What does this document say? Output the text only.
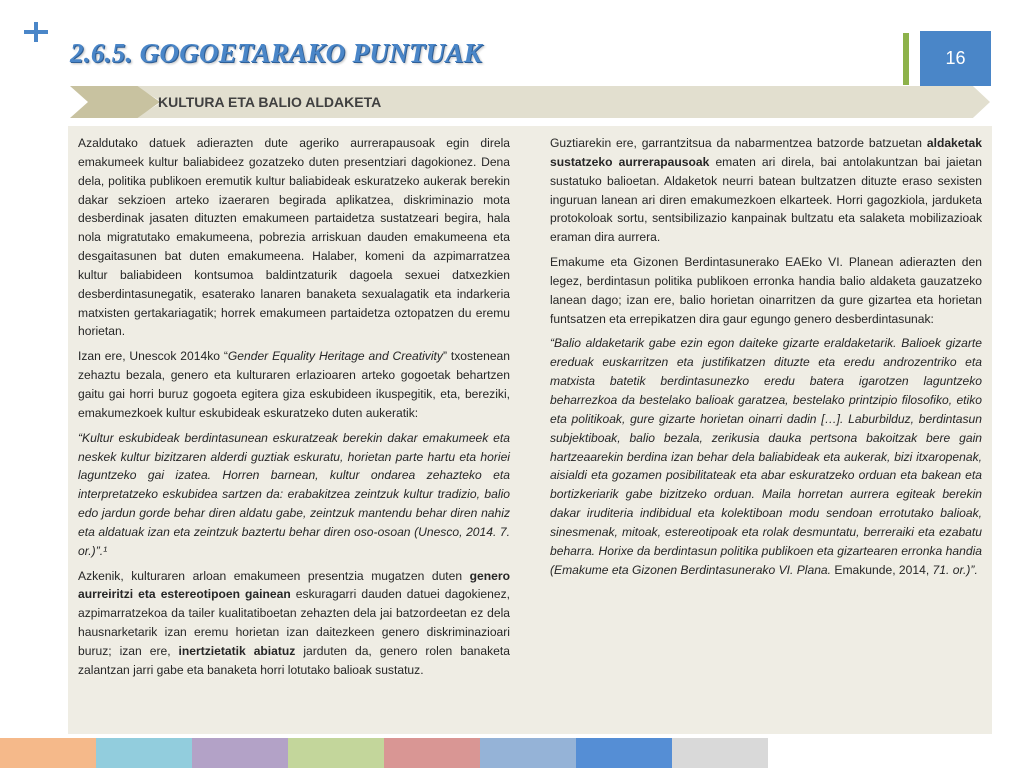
2.6.5. GOGOETARAKO PUNTUAK	16
KULTURA ETA BALIO ALDAKETA

Azaldutako datuek adierazten dute ageriko aurrerapausoak egin direla emakumeek kultur baliabideez gozatzeko duten presentziari dagokionez. Dena dela, politika publikoen eremutik kultur baliabideak eskuratzeko aukerak berekin dakar sekzioen arteko izaeraren begirada aplikatzea, diskriminazio mota desberdinak jasaten dituzten emakumeen partaidetza sustatzeari begira, hala nola migratutako emakumeena, pobrezia arriskuan dauden emakumeena eta desgaitasunen bat duten emakumeena. Halaber, komeni da azpimarratzea kultur baliabideen kontsumoa baldintzaturik dagoela sexuei datxezkien desberdintasunegatik, esaterako lanaren banaketa sexualagatik eta indarkeria matxisten gertakariagatik; horrek emakumeen partaidetza oztopatzen du eremu horietan.

Izan ere, Unescok 2014ko “Gender Equality Heritage and Creativity” txostenean zehaztu bezala, genero eta kulturaren erlazioaren arteko gogoetak behartzen gaitu gai horri buruz gogoeta egitera giza eskubideen ikuspegitik, eta, bereziki, emakumezkoek kultur eskubideak eskuratzeko duten aukeratik:

“Kultur eskubideak berdintasunean eskuratzeak berekin dakar emakumeek eta neskek kultur bizitzaren alderdi guztiak eskuratu, horietan parte hartu eta horiei laguntzeko gai izatea. Horren barnean, kultur ondarea zehazteko eta interpretatzeko eskubidea sartzen da: erabakitzea zeintzuk kultur tradizio, balio edo jardun gorde behar diren aldatu gabe, zeintzuk mantendu behar diren nahiz eta aldatuak izan eta zeintzuk baztertu behar diren oso-osoan (Unesco, 2014. 7. or.)”.¹

Azkenik, kulturaren arloan emakumeen presentzia mugatzen duten genero aurreiritzi eta estereotipoen gainean eskuragarri dauden datuei dagokienez, azpimarratzekoa da tailer kualitatiboetan zehazten dela jai batzordeetan ez dela hausnarketarik izan eremu horietan izan daitezkeen genero diskriminazioari buruz; izan ere, inertzietatik abiatuz jarduten da, genero rolen banaketa zalantzan jarri gabe eta banaketa horri lotutako balioak sustatuz.

Guztiarekin ere, garrantzitsua da nabarmentzea batzorde batzuetan aldaketak sustatzeko aurrerapausoak ematen ari direla, bai antolakuntzan bai jaietan sustatuko balioetan. Aldaketok neurri batean bultzatzen dituzte eraso sexisten inguruan lanean ari diren emakumezkoen elkarteek. Horri gagozkiola, jarduketa protokoloak sortu, sentsibilizazio kanpainak bultzatu eta salaketa mobilizazioak eraman dira aurrera.

Emakume eta Gizonen Berdintasunerako EAEko VI. Planean adierazten den legez, berdintasun politika publikoen erronka handia balio aldaketa gauzatzeko lanean dago; izan ere, balio horietan oinarritzen da gure gizartea eta horietan funtsatzen eta errepikatzen dira gaur egungo genero desberdintasunak:

“Balio aldaketarik gabe ezin egon daiteke gizarte eraldaketarik. Balioek gizarte ereduak euskarritzen eta justifikatzen dituzte eta eredu androzentriko eta matxista batetik berdintasunezko eredu batera igarotzen laguntzeko beharrezkoa da bestelako balioak garatzea, bestelako printzipio filosofiko, etiko eta politikoak, gure gizarte horietan oinarri dadin […]. Laburbilduz, berdintasun subjektiboak, balio bezala, zerikusia dauka pertsona bakoitzak bere gain hartzeaarekin berdina izan behar dela baliabideak eta aukerak, bizi itxaropenak, aisialdi eta gozamen posibilitateak eta abar eskuratzeko orduan eta bakean eta bortizkeriarik gabe bizitzeko orduan. Maila horretan aurrera egiteak berekin dakar iruditeria indibidual eta kolektiboan modu sendoan errotutako balioak, sinesmenak, mitoak, estereotipoak eta rolak desmuntatu, berreraiki eta ezabatu beharra. Horixe da berdintasun politika publikoen eta gizartearen erronka handia (Emakume eta Gizonen Berdintasunerako VI. Plana. Emakunde, 2014, 71. or.)”.
